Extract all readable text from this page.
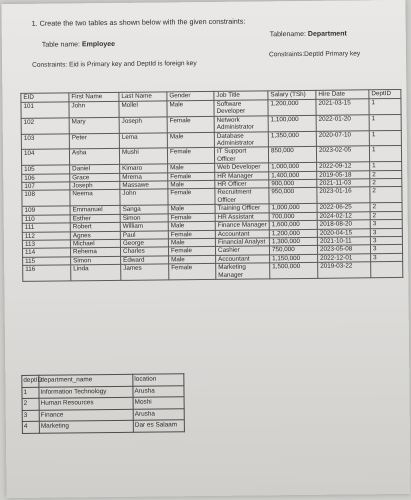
1. Create the two tables as shown below with the given constraints:
Table name: Employee
Tablename: Department
Constraints: Eid is Primary key and DeptId is foreign key
Constraints:DeptId Primary key
EID	First Name	Last Name	Gender	Job Title	Salary (TSh)	Hire Date	DeptID
101	John	Mollel	Male	Software Developer	1,200,000	2021-03-15	1
102	Mary	Joseph	Female	Network Administrator	1,100,000	2022-01-20	1
103	Peter	Lema	Male	Database Administrator	1,350,000	2020-07-10	1
104	Asha	Mushi	Female	IT Support Officer	850,000	2023-02-05	1
105	Daniel	Kimaro	Male	Web Developer	1,000,000	2022-09-12	1
106	Grace	Mrema	Female	HR Manager	1,400,000	2019-05-18	2
107	Joseph	Massawe	Male	HR Officer	900,000	2021-11-03	2
108	Neema	John	Female	Recruitment Officer	950,000	2023-01-16	2
109	Emmanuel	Sanga	Male	Training Officer	1,000,000	2022-06-25	2
110	Esther	Simon	Female	HR Assistant	700,000	2024-02-12	2
111	Robert	William	Male	Finance Manager	1,600,000	2018-08-20	3
112	Agnes	Paul	Female	Accountant	1,200,000	2020-04-15	3
113	Michael	George	Male	Financial Analyst	1,300,000	2021-10-11	3
114	Rehema	Charles	Female	Cashier	750,000	2023-05-08	3
115	Simon	Edward	Male	Accountant	1,150,000	2022-12-01	3
116	Linda	James	Female	Marketing Manager	1,500,000	2019-03-22	
deptID	department_name	location
1	Information Technology	Arusha
2	Human Resources	Moshi
3	Finance	Arusha
4	Marketing	Dar es Salaam
